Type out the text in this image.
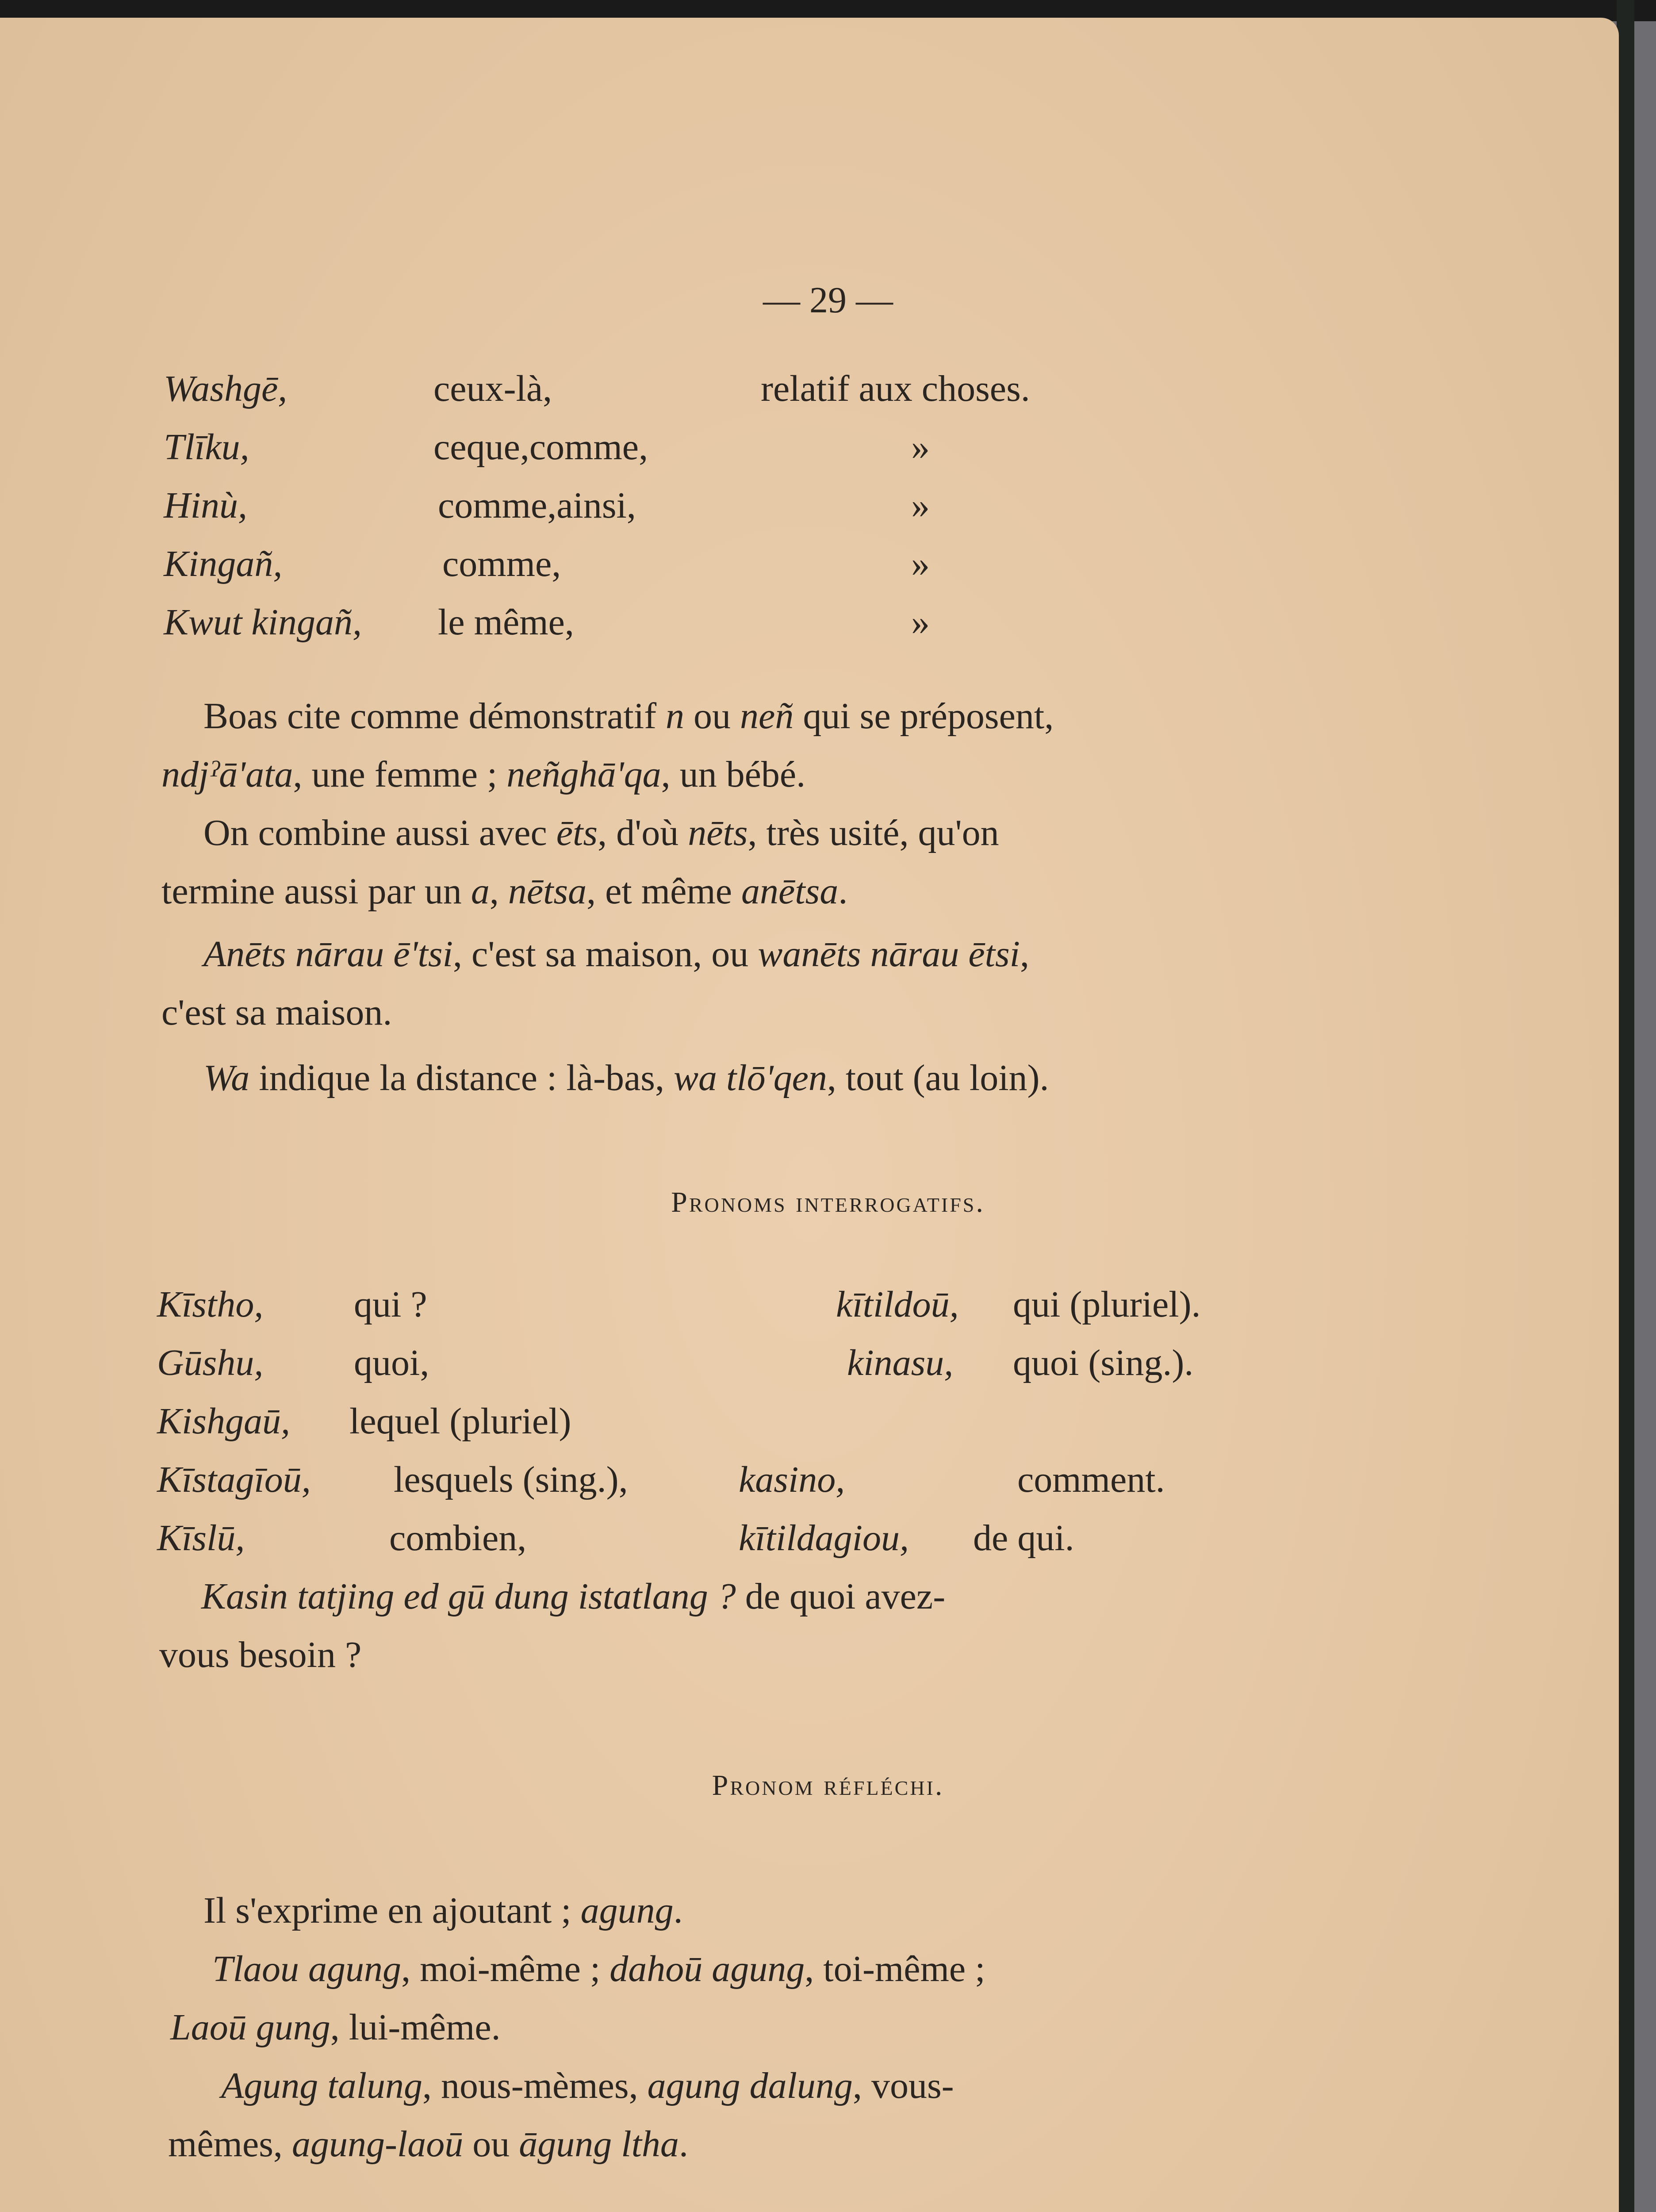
— 29 —
Washgē,	ceux-là,	relatif aux choses.
Tlīku,	ceque,comme,	»
Hinù,	comme,ainsi,	»
Kingañ,	comme,	»
Kwut kingañ, le même,	»
Boas cite comme démonstratif n ou neñ qui se préposent,
ndjˀā'ata, une femme ; neñghā'qa, un bébé.
On combine aussi avec ēts, d'où nēts, très usité, qu'on
termine aussi par un a, nētsa, et même anētsa.
Anēts nārau ē'tsi, c'est sa maison, ou wanēts nārau ētsi,
c'est sa maison.
Wa indique la distance : là-bas, wa tlō'qen, tout (au loin).
Pronoms interrogatifs.
Kīstho, qui ?	kītildoū, qui (pluriel).
Gūshu, quoi,	kinasu, quoi (sing.).
Kishgaū, lequel (pluriel)
Kīstagīoū, lesquels (sing.),	kasino,	comment.
Kīslū,	combien,	kītildagiou, de qui.
Kasin tatjing ed gū dung istatlang ? de quoi avez-
vous besoin ?
Pronom réfléchi.
Il s'exprime en ajoutant ; agung.
Tlaou agung, moi-même ; dahoū agung, toi-même ;
Laoū gung, lui-même.
Agung talung, nous-mèmes, agung dalung, vous-
mêmes, agung-laoū ou āgung ltha.
